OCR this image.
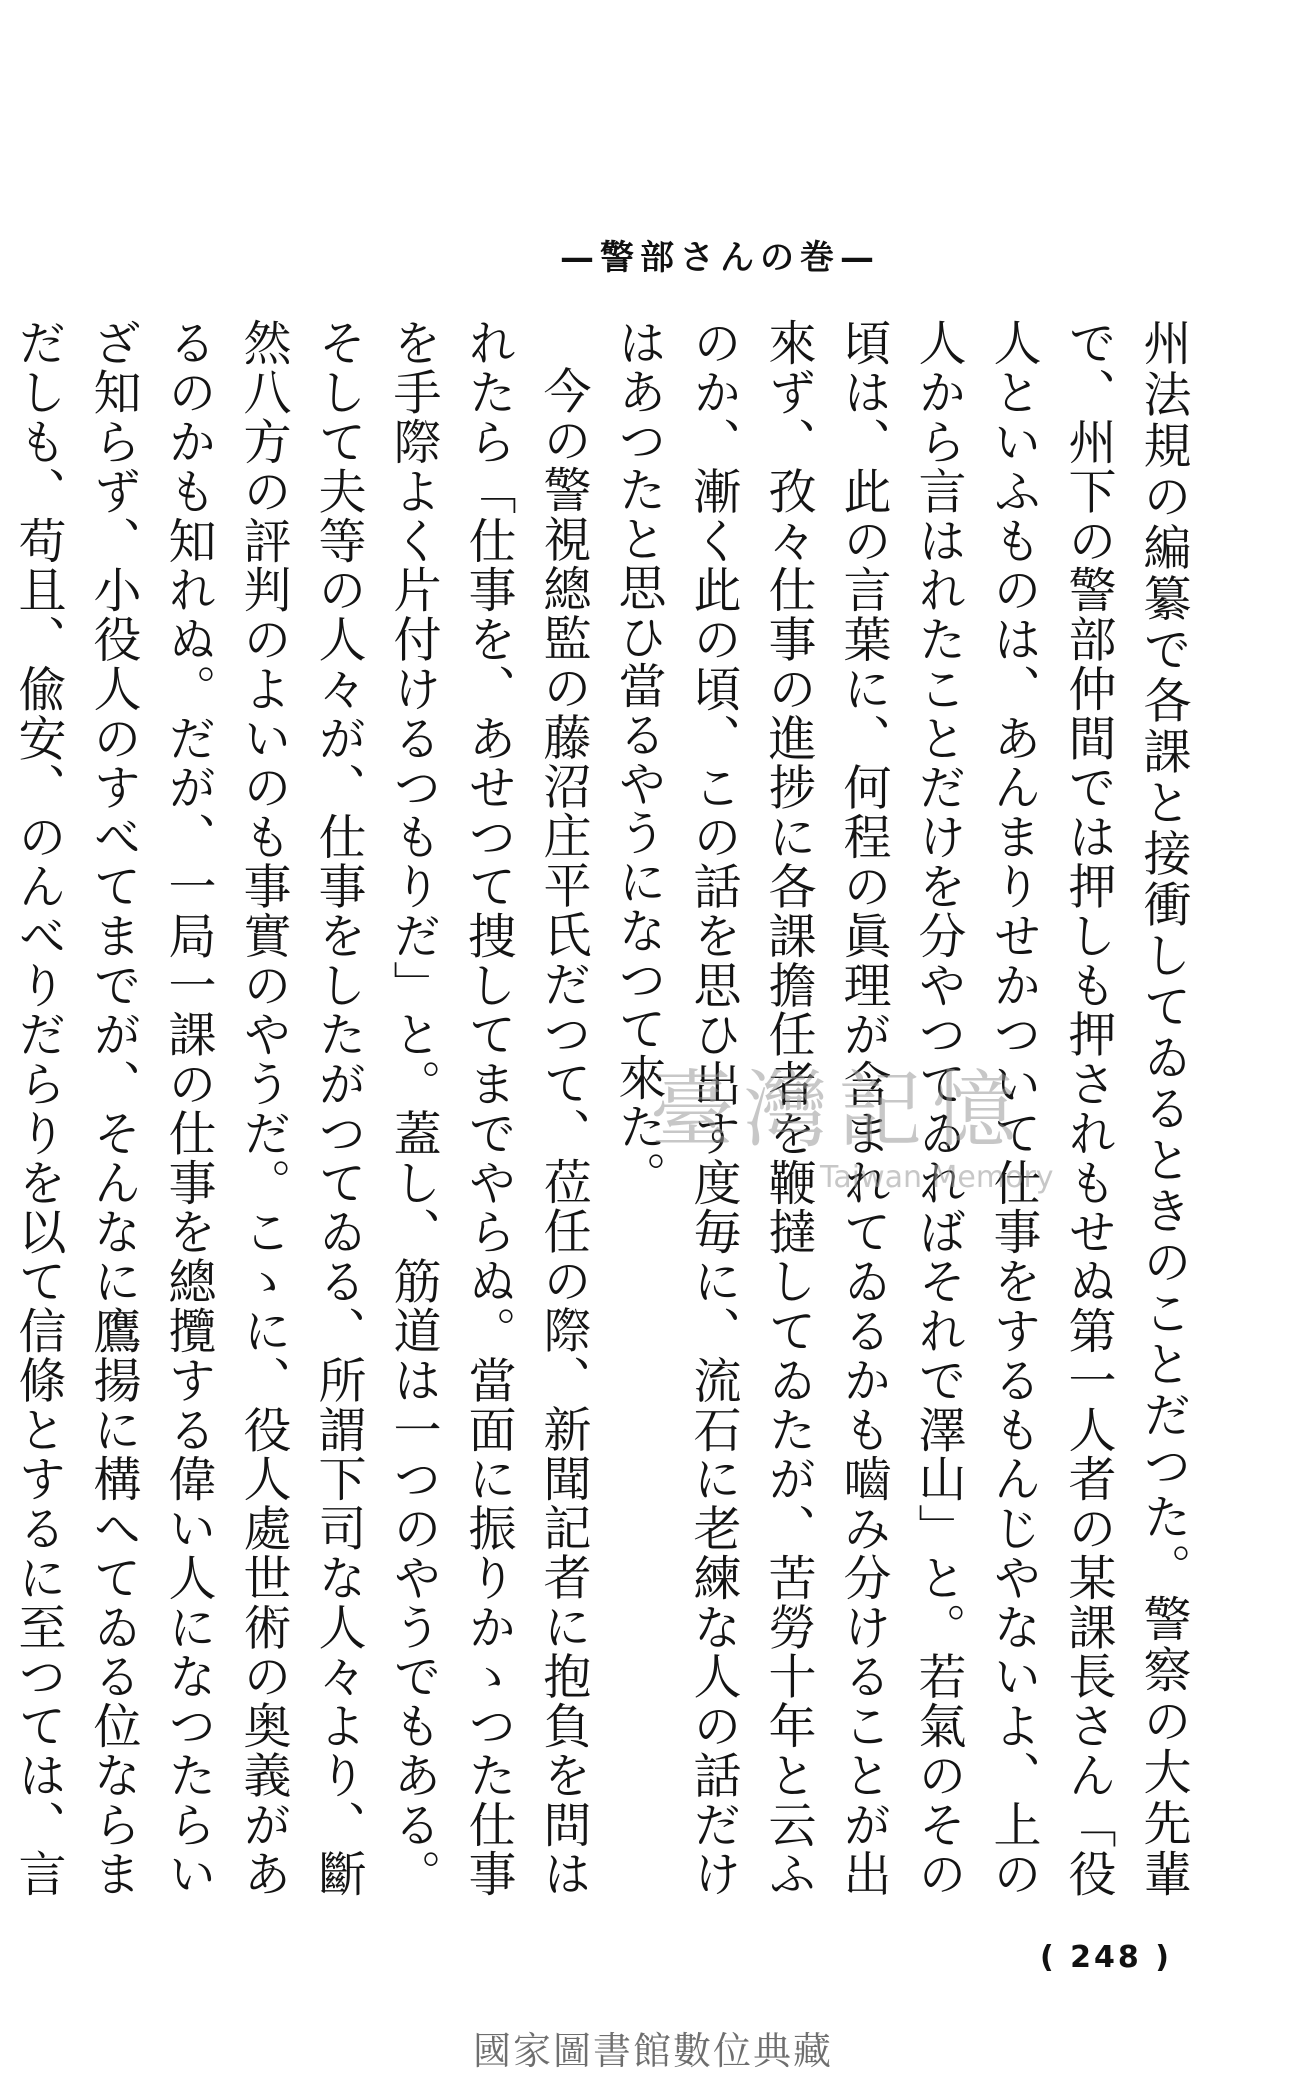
—警部さんの巻—

州法規の編纂で各課と接衝してゐるときのことだつた。警察の大先輩で、州下の警部仲間では押しも押されもせぬ第一人者の某課長さん「役人といふものは、あんまりせかついて仕事をするもんじやないよ、上の人から言はれたことだけを分やつてゐればそれで澤山」と。若氣のその頃は、此の言葉に、何程の眞理が含まれてゐるかも嚙み分けることが出來ず、孜々仕事の進捗に各課擔任者を鞭撻してゐたが、苦勞十年と云ふのか、漸く此の頃、この話を思ひ出す度毎に、流石に老練な人の話だけはあつたと思ひ當るやうになつて來た。

今の警視總監の藤沼庄平氏だつて、莅任の際、新聞記者に抱負を問はれたら「仕事を、あせつて捜してまでやらぬ。當面に振りかゝつた仕事を手際よく片付けるつもりだ」と。蓋し、筋道は一つのやうでもある。そして夫等の人々が、仕事をしたがつてゐる、所謂下司な人々より、斷然八方の評判のよいのも事實のやうだ。こゝに、役人處世術の奥義があるのかも知れぬ。だが、一局一課の仕事を總攬する偉い人になつたらいざ知らず、小役人のすべてまでが、そんなに鷹揚に構へてゐる位ならまだしも、苟且、偸安、のんべりだらりを以て信條とするに至つては、言

臺灣記憶
Taiwan Memory
( 248 )
國家圖書館數位典藏
